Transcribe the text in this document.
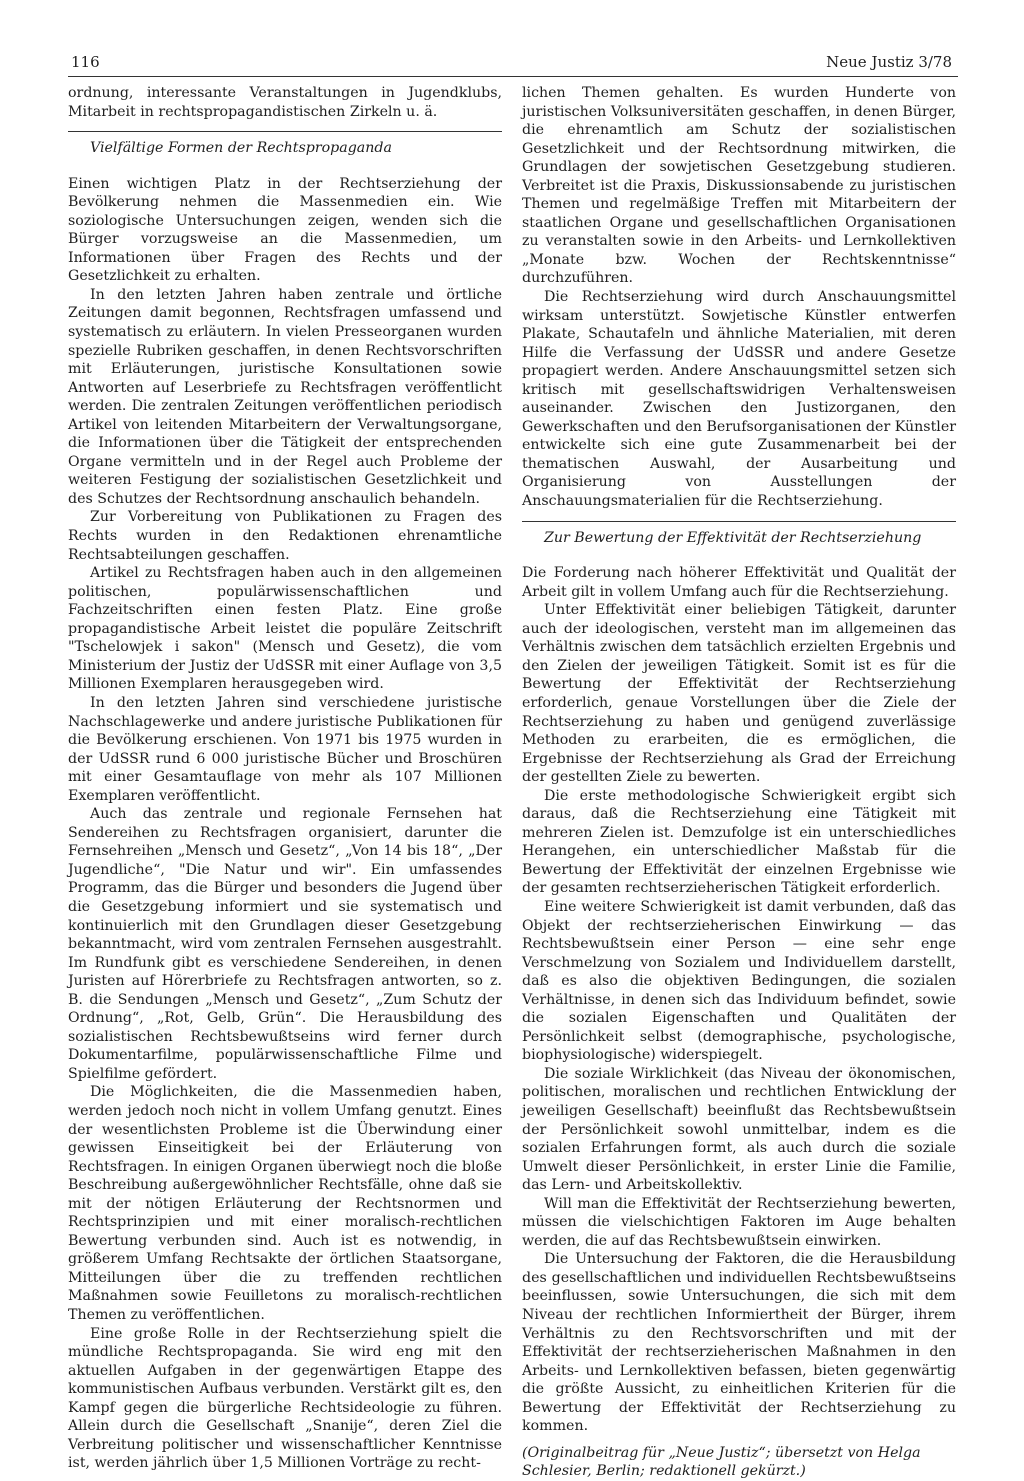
116	Neue Justiz 3/78

ordnung, interessante Veranstaltungen in Jugendklubs, Mitarbeit in rechtspropagandistischen Zirkeln u. ä.

Vielfältige Formen der Rechtspropaganda

Einen wichtigen Platz in der Rechtserziehung der Bevölkerung nehmen die Massenmedien ein. Wie soziologische Untersuchungen zeigen, wenden sich die Bürger vorzugsweise an die Massenmedien, um Informationen über Fragen des Rechts und der Gesetzlichkeit zu erhalten.

In den letzten Jahren haben zentrale und örtliche Zeitungen damit begonnen, Rechtsfragen umfassend und systematisch zu erläutern. In vielen Presseorganen wurden spezielle Rubriken geschaffen, in denen Rechtsvorschriften mit Erläuterungen, juristische Konsultationen sowie Antworten auf Leserbriefe zu Rechtsfragen veröffentlicht werden. Die zentralen Zeitungen veröffentlichen periodisch Artikel von leitenden Mitarbeitern der Verwaltungsorgane, die Informationen über die Tätigkeit der entsprechenden Organe vermitteln und in der Regel auch Probleme der weiteren Festigung der sozialistischen Gesetzlichkeit und des Schutzes der Rechtsordnung anschaulich behandeln.

Zur Vorbereitung von Publikationen zu Fragen des Rechts wurden in den Redaktionen ehrenamtliche Rechtsabteilungen geschaffen.

Artikel zu Rechtsfragen haben auch in den allgemeinen politischen, populärwissenschaftlichen und Fachzeitschriften einen festen Platz. Eine große propagandistische Arbeit leistet die populäre Zeitschrift "Tschelowjek i sakon" (Mensch und Gesetz), die vom Ministerium der Justiz der UdSSR mit einer Auflage von 3,5 Millionen Exemplaren herausgegeben wird.

In den letzten Jahren sind verschiedene juristische Nachschlagewerke und andere juristische Publikationen für die Bevölkerung erschienen. Von 1971 bis 1975 wurden in der UdSSR rund 6 000 juristische Bücher und Broschüren mit einer Gesamtauflage von mehr als 107 Millionen Exemplaren veröffentlicht.

Auch das zentrale und regionale Fernsehen hat Sendereihen zu Rechtsfragen organisiert, darunter die Fernsehreihen „Mensch und Gesetz“, „Von 14 bis 18“, „Der Jugendliche“, "Die Natur und wir". Ein umfassendes Programm, das die Bürger und besonders die Jugend über die Gesetzgebung informiert und sie systematisch und kontinuierlich mit den Grundlagen dieser Gesetzgebung bekanntmacht, wird vom zentralen Fernsehen ausgestrahlt. Im Rundfunk gibt es verschiedene Sendereihen, in denen Juristen auf Hörerbriefe zu Rechtsfragen antworten, so z. B. die Sendungen „Mensch und Gesetz“, „Zum Schutz der Ordnung“, „Rot, Gelb, Grün“. Die Herausbildung des sozialistischen Rechtsbewußtseins wird ferner durch Dokumentarfilme, populärwissenschaftliche Filme und Spielfilme gefördert.

Die Möglichkeiten, die die Massenmedien haben, werden jedoch noch nicht in vollem Umfang genutzt. Eines der wesentlichsten Probleme ist die Überwindung einer gewissen Einseitigkeit bei der Erläuterung von Rechtsfragen. In einigen Organen überwiegt noch die bloße Beschreibung außergewöhnlicher Rechtsfälle, ohne daß sie mit der nötigen Erläuterung der Rechtsnormen und Rechtsprinzipien und mit einer moralisch-rechtlichen Bewertung verbunden sind. Auch ist es notwendig, in größerem Umfang Rechtsakte der örtlichen Staatsorgane, Mitteilungen über die zu treffenden rechtlichen Maßnahmen sowie Feuilletons zu moralisch-rechtlichen Themen zu veröffentlichen.

Eine große Rolle in der Rechtserziehung spielt die mündliche Rechtspropaganda. Sie wird eng mit den aktuellen Aufgaben in der gegenwärtigen Etappe des kommunistischen Aufbaus verbunden. Verstärkt gilt es, den Kampf gegen die bürgerliche Rechtsideologie zu führen. Allein durch die Gesellschaft „Snanije“, deren Ziel die Verbreitung politischer und wissenschaftlicher Kenntnisse ist, werden jährlich über 1,5 Millionen Vorträge zu recht-

lichen Themen gehalten. Es wurden Hunderte von juristischen Volksuniversitäten geschaffen, in denen Bürger, die ehrenamtlich am Schutz der sozialistischen Gesetzlichkeit und der Rechtsordnung mitwirken, die Grundlagen der sowjetischen Gesetzgebung studieren. Verbreitet ist die Praxis, Diskussionsabende zu juristischen Themen und regelmäßige Treffen mit Mitarbeitern der staatlichen Organe und gesellschaftlichen Organisationen zu veranstalten sowie in den Arbeits- und Lernkollektiven „Monate bzw. Wochen der Rechtskenntnisse“ durchzuführen.

Die Rechtserziehung wird durch Anschauungsmittel wirksam unterstützt. Sowjetische Künstler entwerfen Plakate, Schautafeln und ähnliche Materialien, mit deren Hilfe die Verfassung der UdSSR und andere Gesetze propagiert werden. Andere Anschauungsmittel setzen sich kritisch mit gesellschaftswidrigen Verhaltensweisen auseinander. Zwischen den Justizorganen, den Gewerkschaften und den Berufsorganisationen der Künstler entwickelte sich eine gute Zusammenarbeit bei der thematischen Auswahl, der Ausarbeitung und Organisierung von Ausstellungen der Anschauungsmaterialien für die Rechtserziehung.

Zur Bewertung der Effektivität der Rechtserziehung

Die Forderung nach höherer Effektivität und Qualität der Arbeit gilt in vollem Umfang auch für die Rechtserziehung.

Unter Effektivität einer beliebigen Tätigkeit, darunter auch der ideologischen, versteht man im allgemeinen das Verhältnis zwischen dem tatsächlich erzielten Ergebnis und den Zielen der jeweiligen Tätigkeit. Somit ist es für die Bewertung der Effektivität der Rechtserziehung erforderlich, genaue Vorstellungen über die Ziele der Rechtserziehung zu haben und genügend zuverlässige Methoden zu erarbeiten, die es ermöglichen, die Ergebnisse der Rechtserziehung als Grad der Erreichung der gestellten Ziele zu bewerten.

Die erste methodologische Schwierigkeit ergibt sich daraus, daß die Rechtserziehung eine Tätigkeit mit mehreren Zielen ist. Demzufolge ist ein unterschiedliches Herangehen, ein unterschiedlicher Maßstab für die Bewertung der Effektivität der einzelnen Ergebnisse wie der gesamten rechtserzieherischen Tätigkeit erforderlich.

Eine weitere Schwierigkeit ist damit verbunden, daß das Objekt der rechtserzieherischen Einwirkung — das Rechtsbewußtsein einer Person — eine sehr enge Verschmelzung von Sozialem und Individuellem darstellt, daß es also die objektiven Bedingungen, die sozialen Verhältnisse, in denen sich das Individuum befindet, sowie die sozialen Eigenschaften und Qualitäten der Persönlichkeit selbst (demographische, psychologische, biophysiologische) widerspiegelt.

Die soziale Wirklichkeit (das Niveau der ökonomischen, politischen, moralischen und rechtlichen Entwicklung der jeweiligen Gesellschaft) beeinflußt das Rechtsbewußtsein der Persönlichkeit sowohl unmittelbar, indem es die sozialen Erfahrungen formt, als auch durch die soziale Umwelt dieser Persönlichkeit, in erster Linie die Familie, das Lern- und Arbeitskollektiv.

Will man die Effektivität der Rechtserziehung bewerten, müssen die vielschichtigen Faktoren im Auge behalten werden, die auf das Rechtsbewußtsein einwirken.

Die Untersuchung der Faktoren, die die Herausbildung des gesellschaftlichen und individuellen Rechtsbewußtseins beeinflussen, sowie Untersuchungen, die sich mit dem Niveau der rechtlichen Informiertheit der Bürger, ihrem Verhältnis zu den Rechtsvorschriften und mit der Effektivität der rechtserzieherischen Maßnahmen in den Arbeits- und Lernkollektiven befassen, bieten gegenwärtig die größte Aussicht, zu einheitlichen Kriterien für die Bewertung der Effektivität der Rechtserziehung zu kommen.

(Originalbeitrag für „Neue Justiz“; übersetzt von Helga Schlesier, Berlin; redaktionell gekürzt.)
